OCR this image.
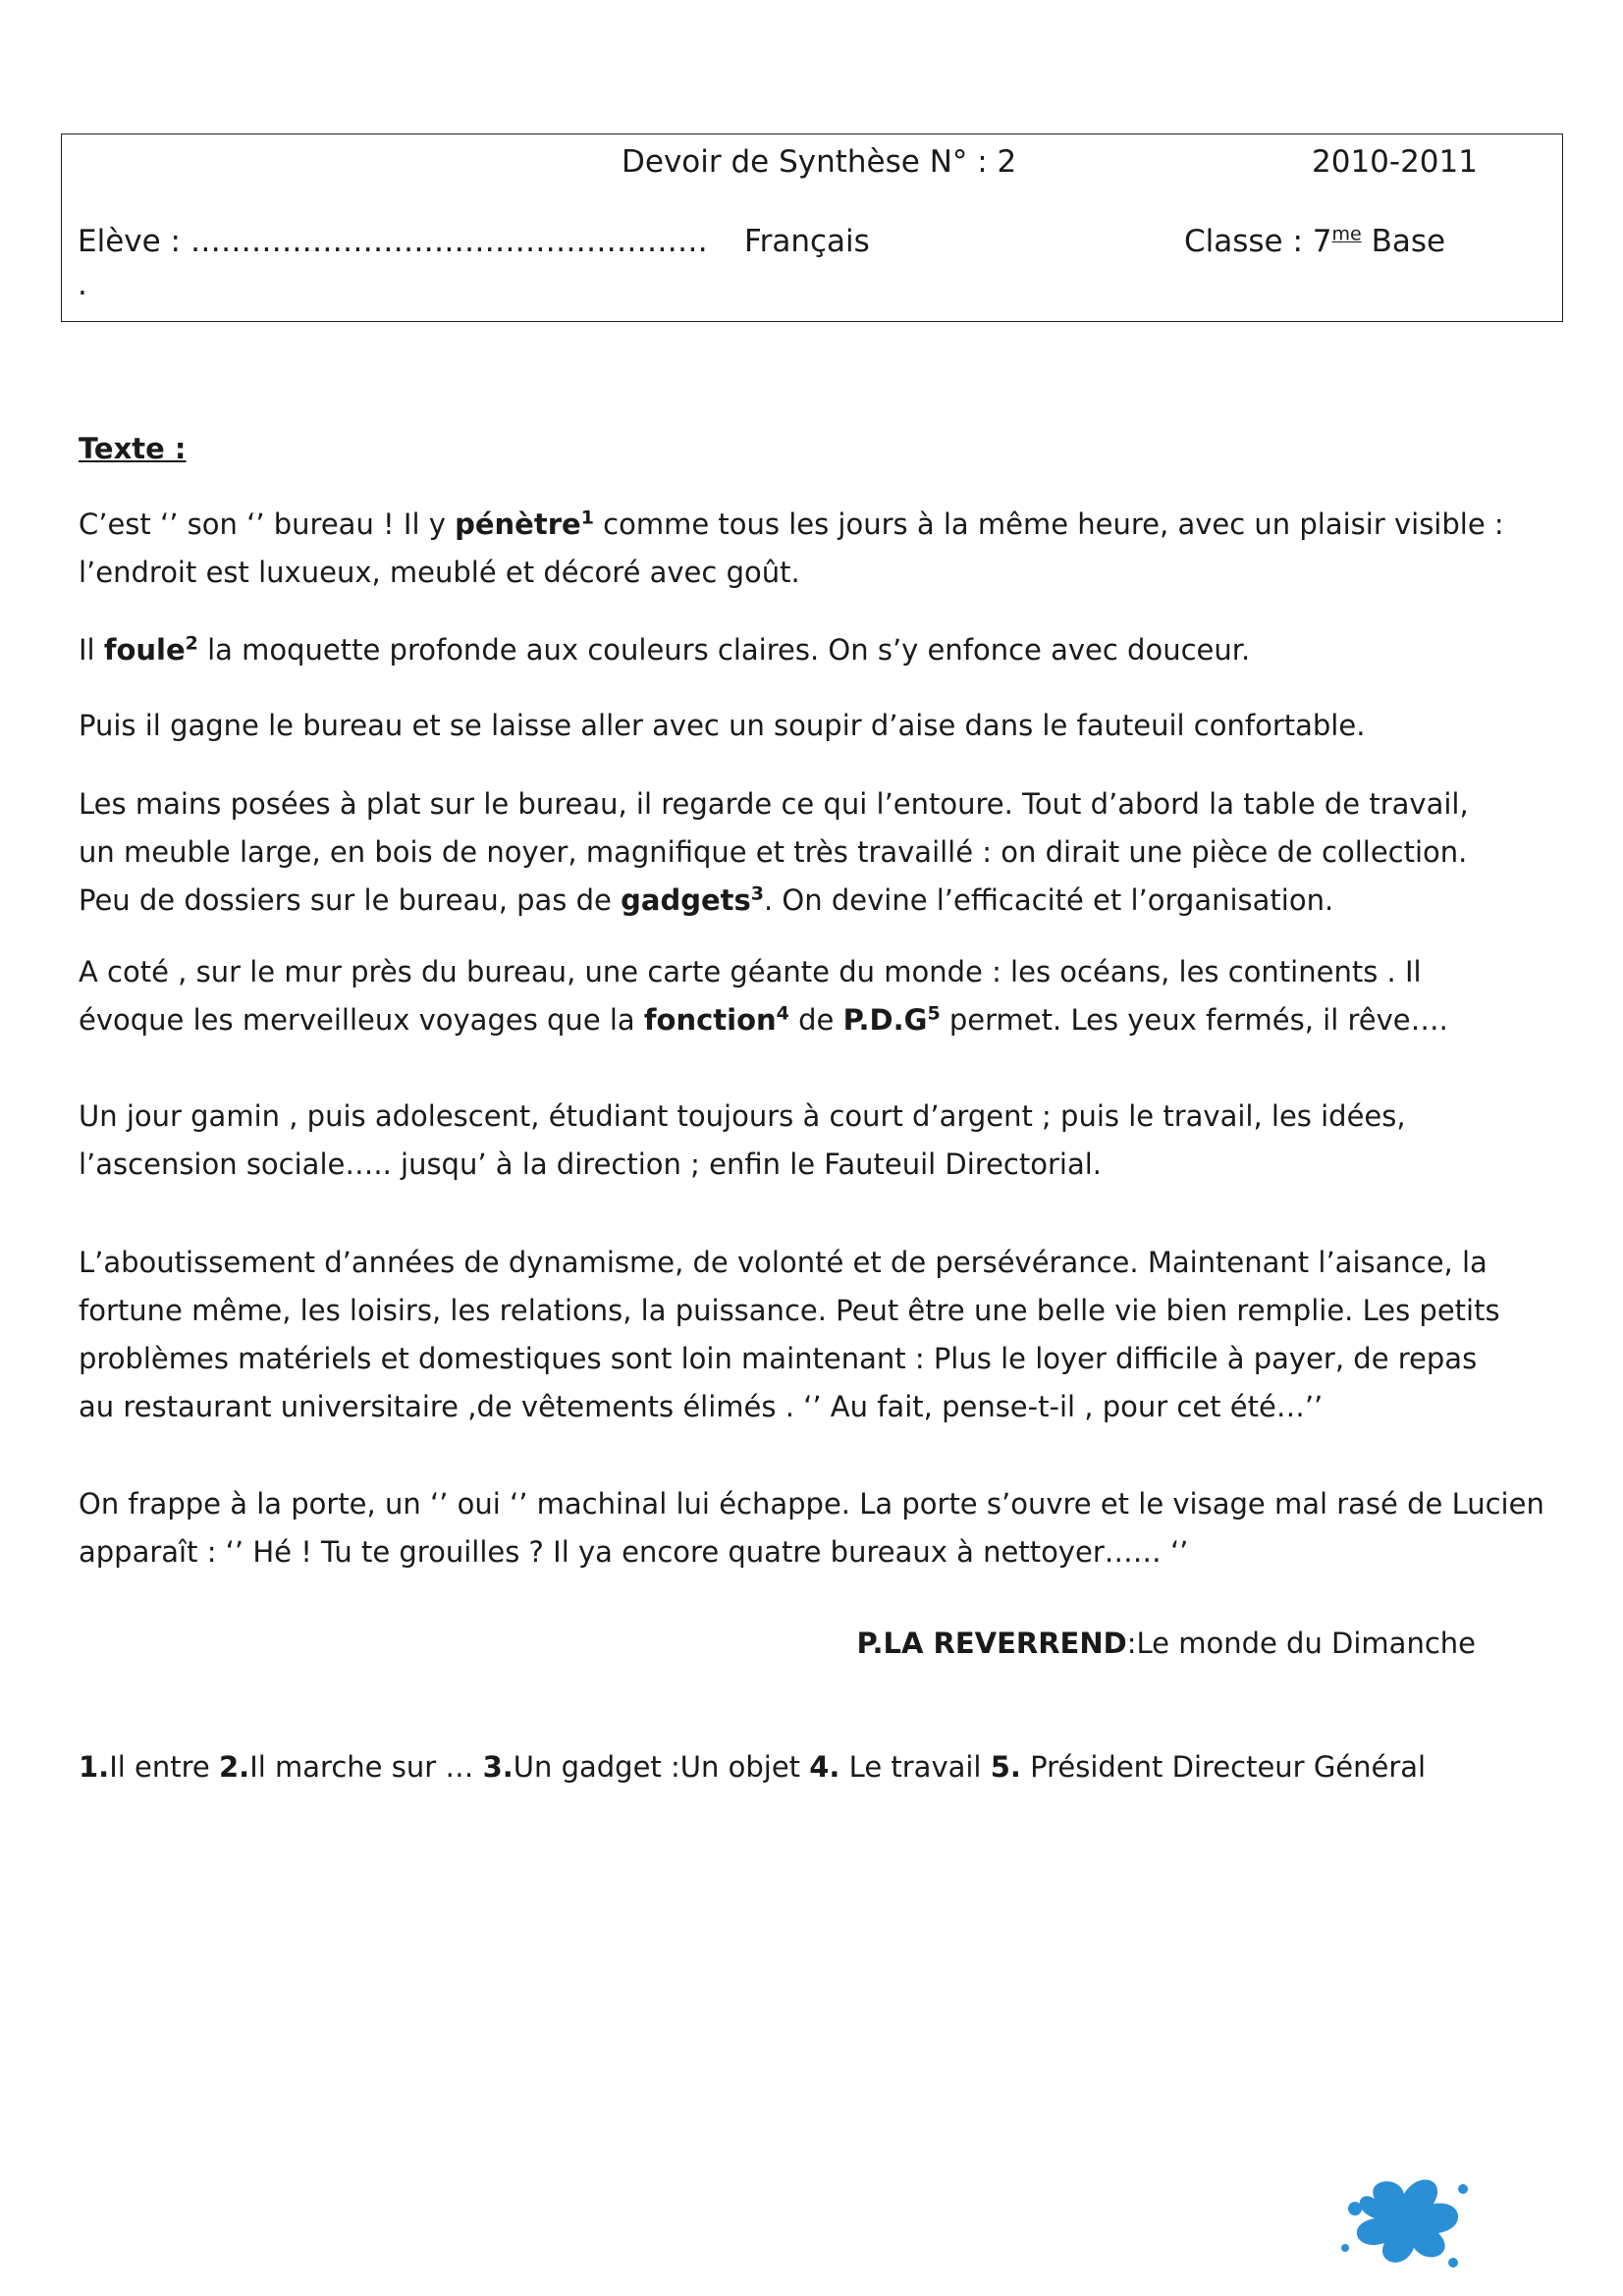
Devoir de Synthèse N° : 2	2010-2011
Elève : …………………………………………… Français	Classe : $7^{me}$ Base
.
Texte :
C’est ‘’ son ‘’ bureau ! Il y pénètre$^1$ comme tous les jours à la même heure, avec un plaisir visible :
l’endroit est luxueux, meublé et décoré avec goût.
Il foule$^2$ la moquette profonde aux couleurs claires. On s’y enfonce avec douceur.
Puis il gagne le bureau et se laisse aller avec un soupir d’aise dans le fauteuil confortable.
Les mains posées à plat sur le bureau, il regarde ce qui l’entoure. Tout d’abord la table de travail,
un meuble large, en bois de noyer, magnifique et très travaillé : on dirait une pièce de collection.
Peu de dossiers sur le bureau, pas de gadgets$^3$. On devine l’efficacité et l’organisation.
A coté , sur le mur près du bureau, une carte géante du monde : les océans, les continents . Il
évoque les merveilleux voyages que la fonction$^4$ de P.D.G$^5$ permet. Les yeux fermés, il rêve….
Un jour gamin , puis adolescent, étudiant toujours à court d’argent ; puis le travail, les idées,
l’ascension sociale….. jusqu’ à la direction ; enfin le Fauteuil Directorial.
L’aboutissement d’années de dynamisme, de volonté et de persévérance. Maintenant l’aisance, la
fortune même, les loisirs, les relations, la puissance. Peut être une belle vie bien remplie. Les petits
problèmes matériels et domestiques sont loin maintenant : Plus le loyer difficile à payer, de repas
au restaurant universitaire ,de vêtements élimés . ‘’ Au fait, pense-t-il , pour cet été…’’
On frappe à la porte, un ‘’ oui ‘’ machinal lui échappe. La porte s’ouvre et le visage mal rasé de Lucien
apparaît : ‘’ Hé ! Tu te grouilles ? Il ya encore quatre bureaux à nettoyer…… ‘’
P.LA REVERREND:Le monde du Dimanche
1.Il entre 2.Il marche sur … 3.Un gadget :Un objet 4. Le travail 5. Président Directeur Général
